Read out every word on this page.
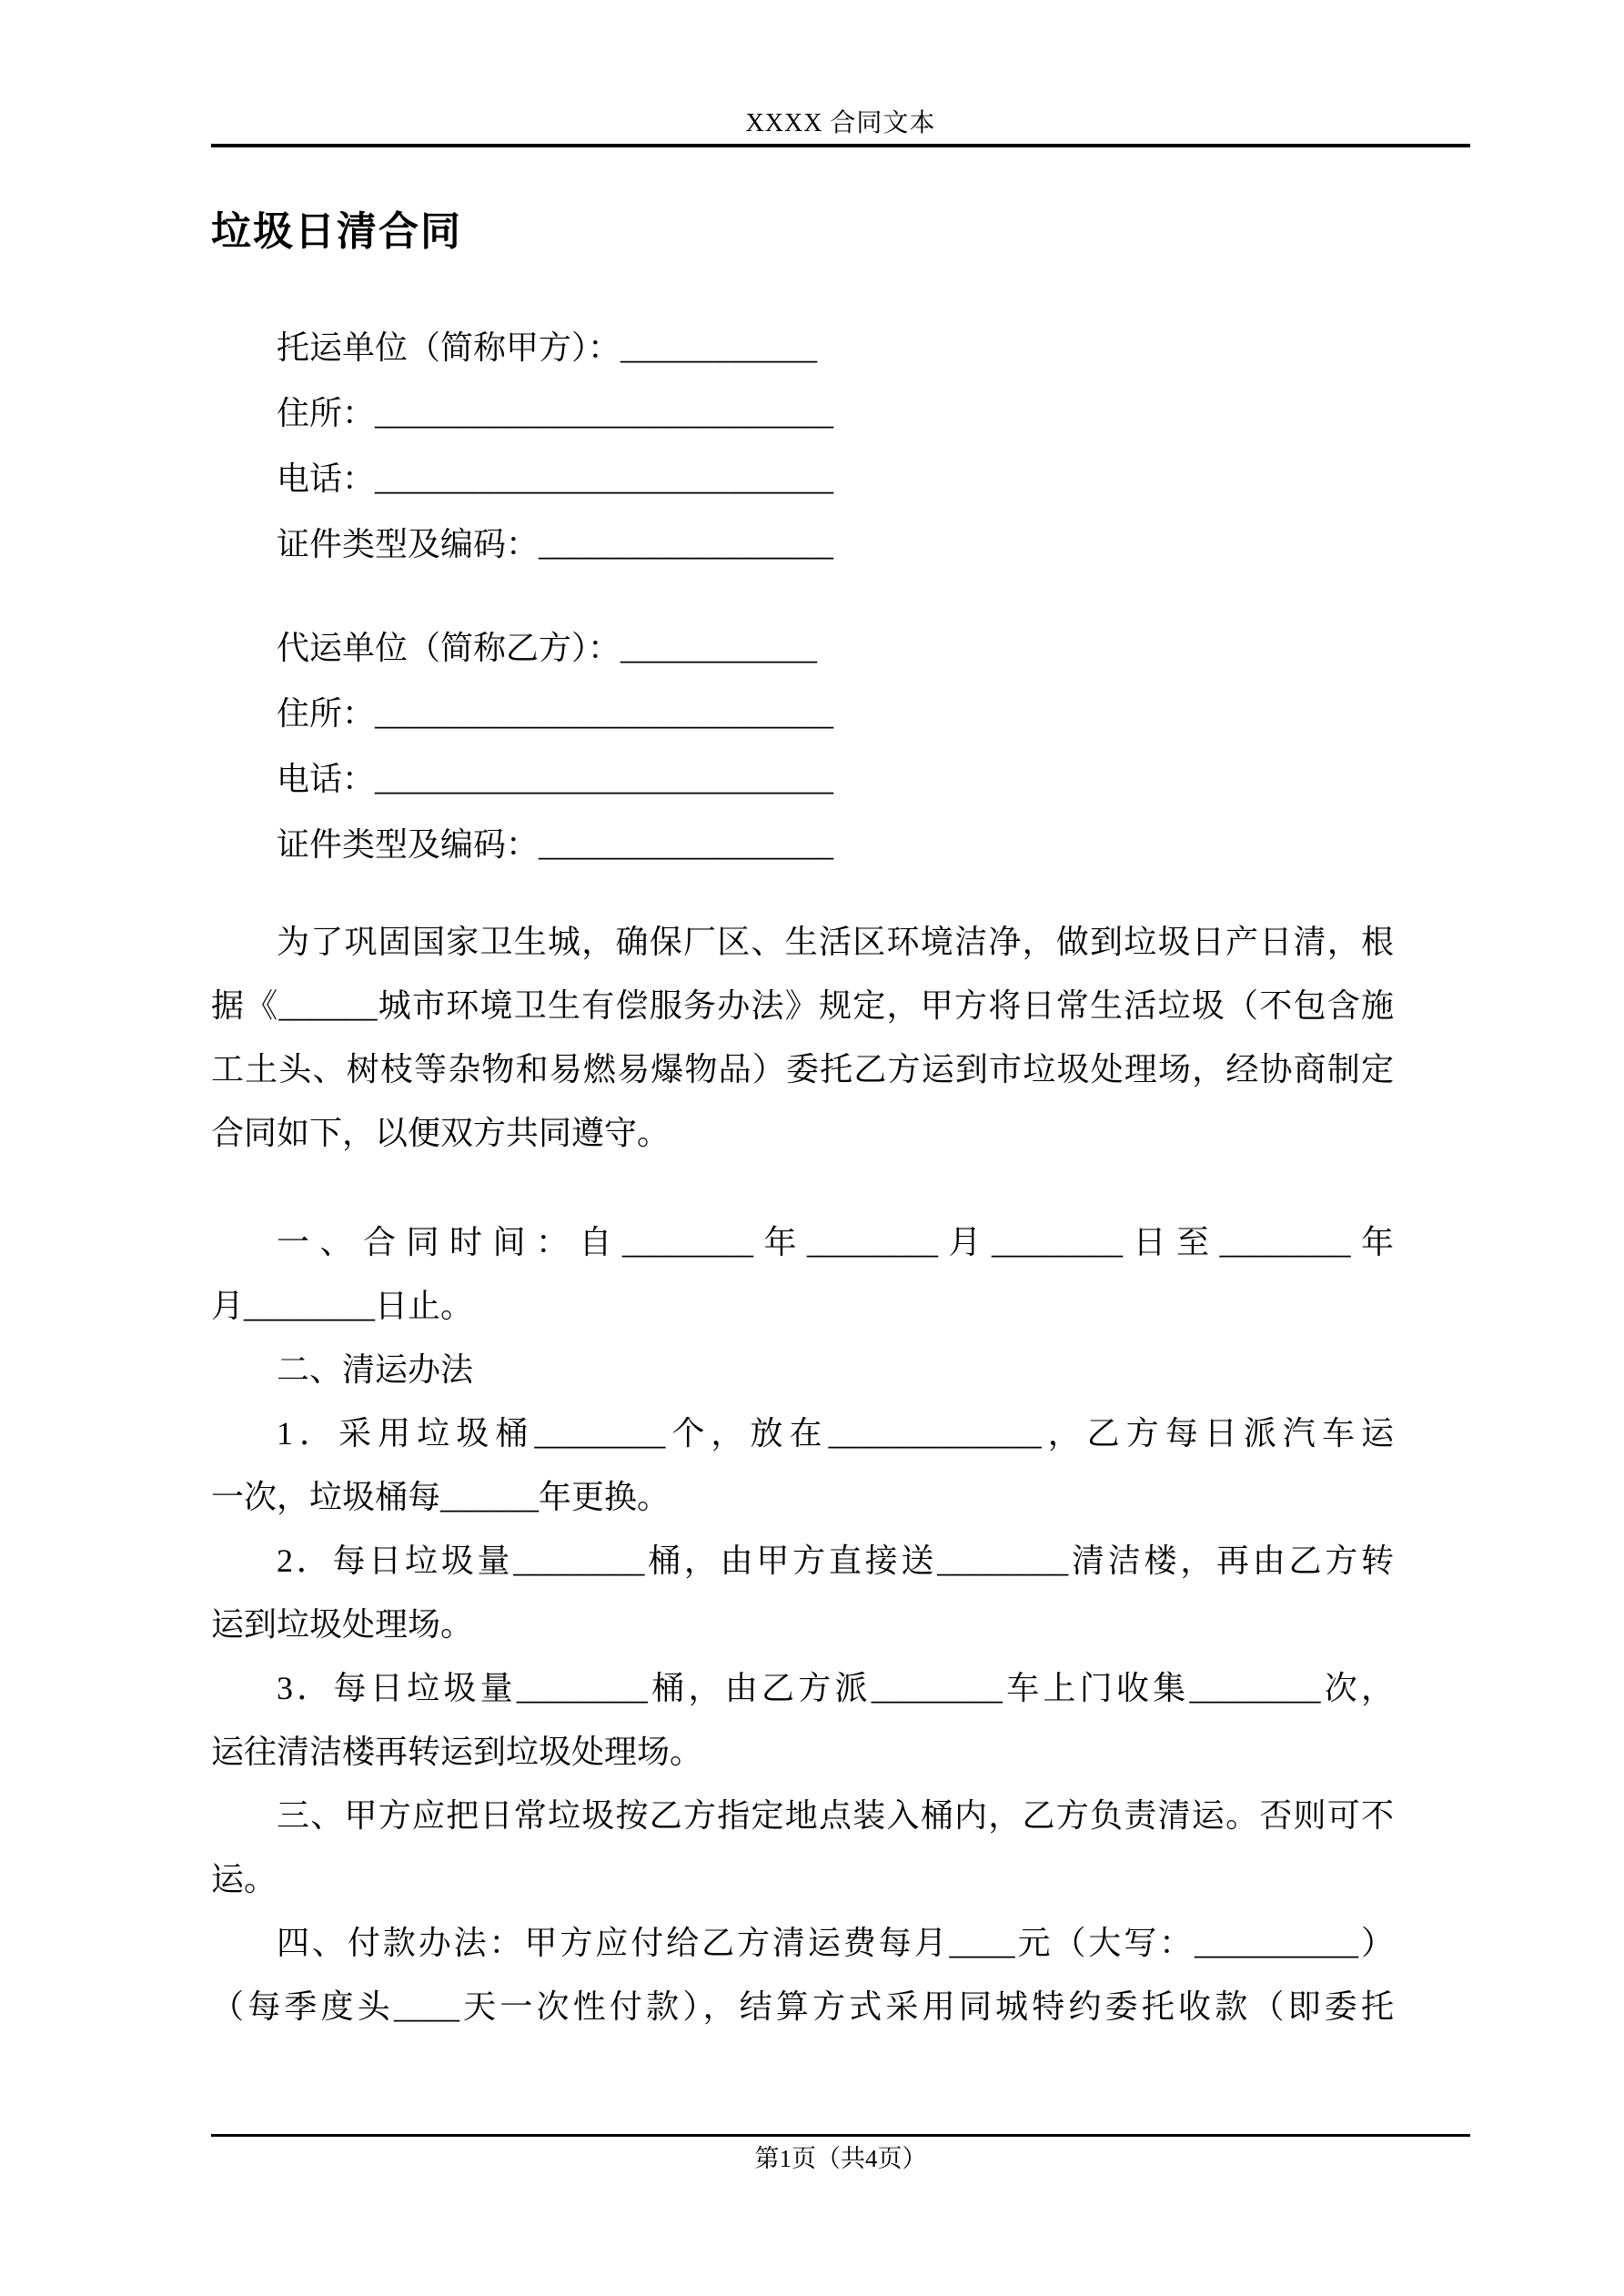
XXXX 合同文本
垃圾日清合同
托运单位（简称甲方）：____________
住所：____________________________
电话：____________________________
证件类型及编码：__________________
代运单位（简称乙方）：____________
住所：____________________________
电话：____________________________
证件类型及编码：__________________
为了巩固国家卫生城，确保厂区、生活区环境洁净，做到垃圾日产日清，根
据《______城市环境卫生有偿服务办法》规定，甲方将日常生活垃圾（不包含施
工土头、树枝等杂物和易燃易爆物品）委托乙方运到市垃圾处理场，经协商制定
合同如下，以便双方共同遵守。
一、合同时间：自________年________月________日至________年
月________日止。
二、清运办法
1．采用垃圾桶________个，放在_____________，乙方每日派汽车运
一次，垃圾桶每______年更换。
2．每日垃圾量________桶，由甲方直接送________清洁楼，再由乙方转
运到垃圾处理场。
3．每日垃圾量________桶，由乙方派________车上门收集________次，
运往清洁楼再转运到垃圾处理场。
三、甲方应把日常垃圾按乙方指定地点装入桶内，乙方负责清运。否则可不
运。
四、付款办法：甲方应付给乙方清运费每月____元（大写：__________）
（每季度头____天一次性付款），结算方式采用同城特约委托收款（即委托
第1页（共4页）
